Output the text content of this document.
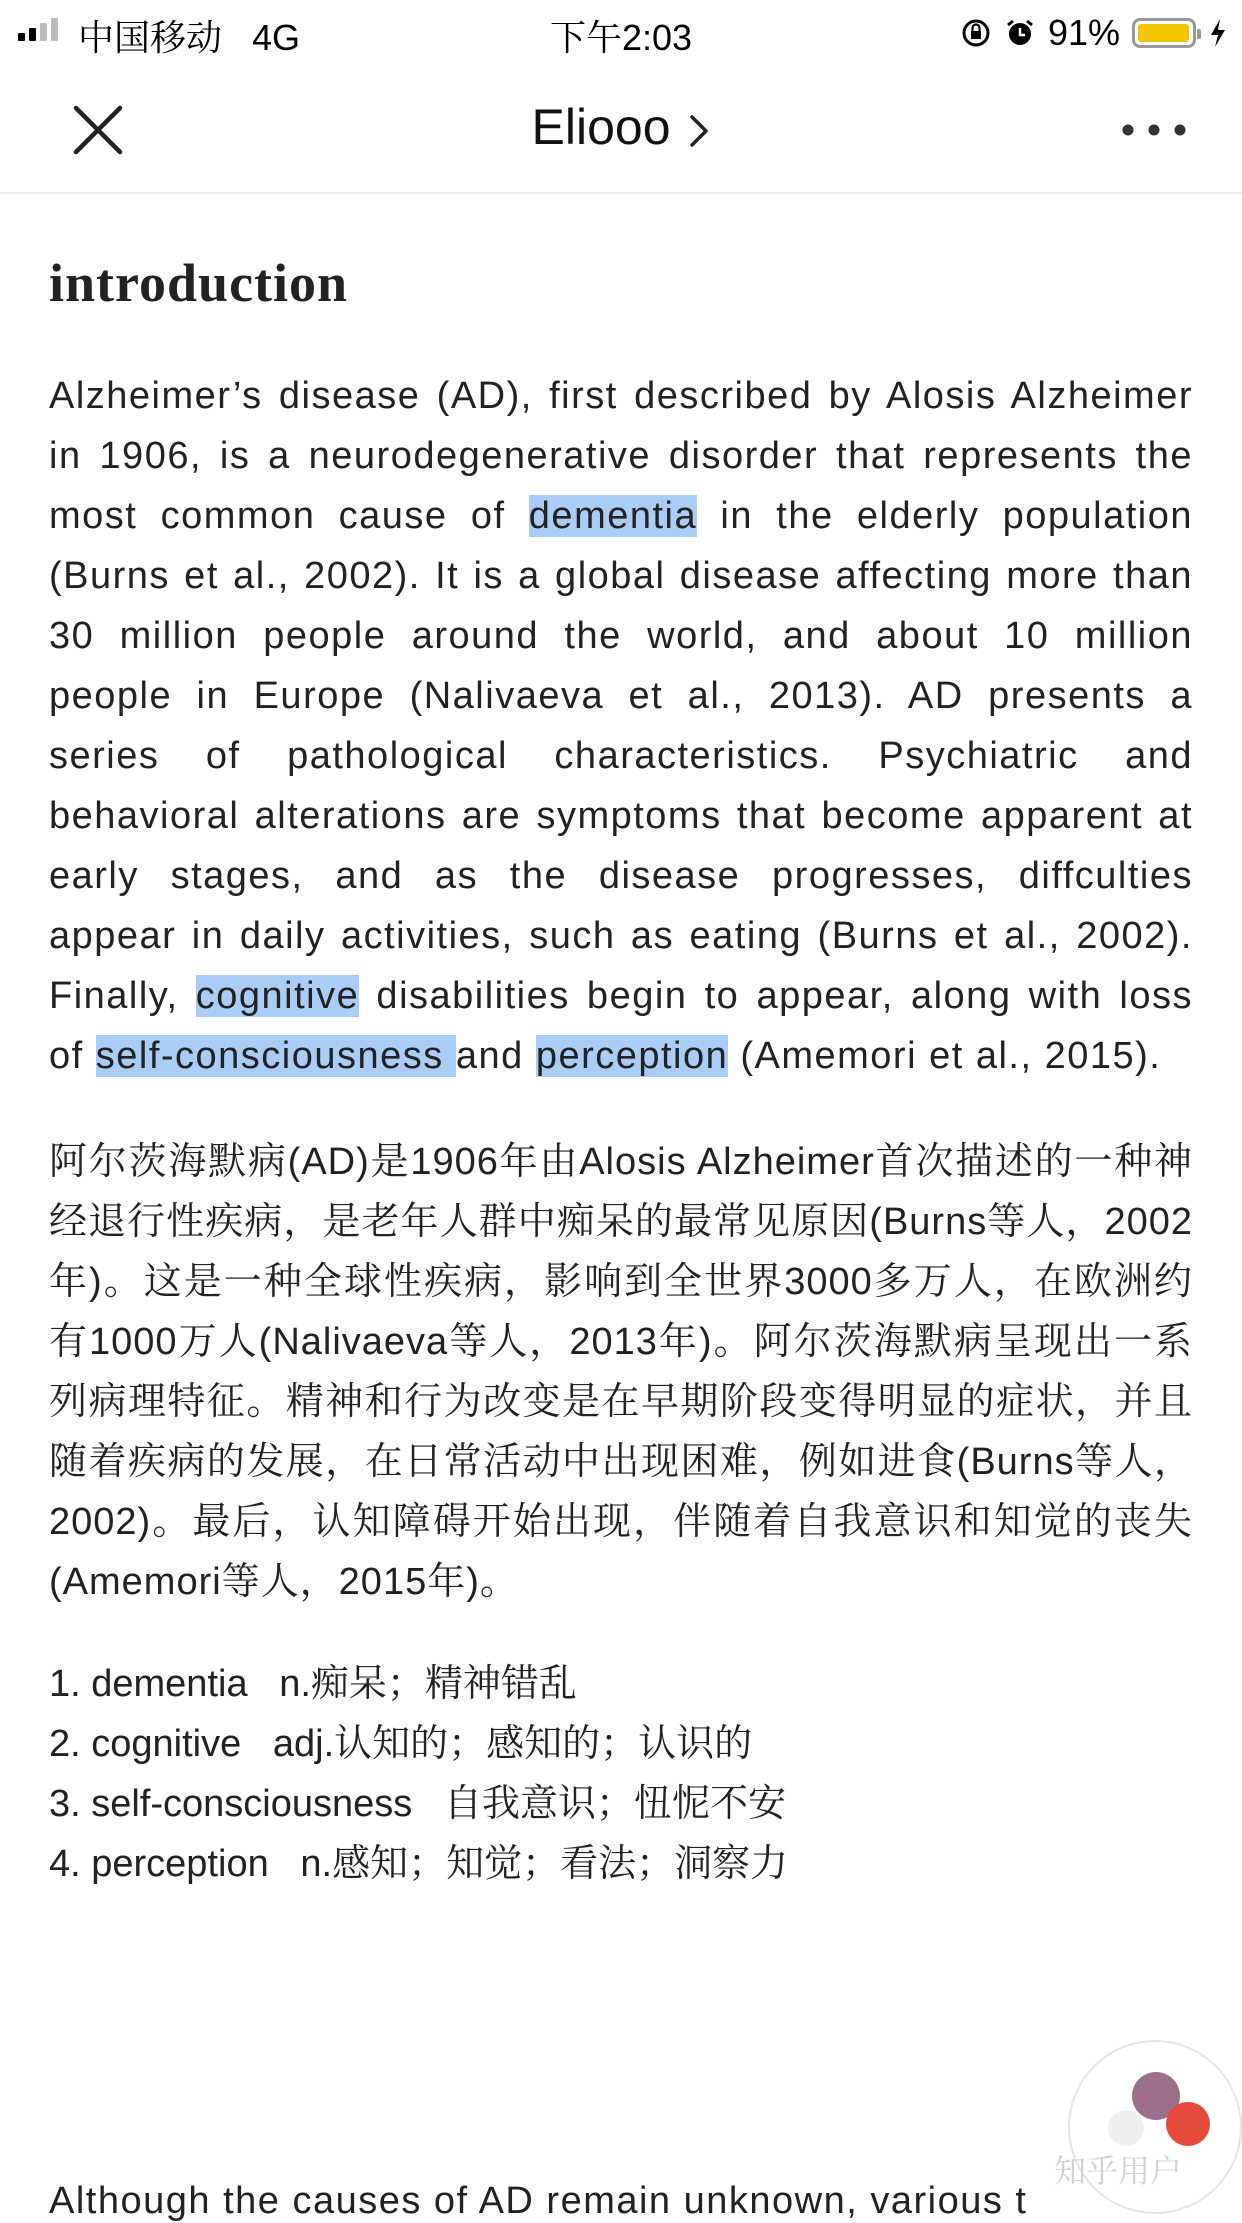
中国移动 4G	下午2:03	91%
Eliooo
introduction

Alzheimer’s disease (AD), first described by Alosis Alzheimer in 1906, is a neurodegenerative disorder that represents the most common cause of dementia in the elderly population (Burns et al., 2002). It is a global disease affecting more than 30 million people around the world, and about 10 million people in Europe (Nalivaeva et al., 2013). AD presents a series of pathological characteristics. Psychiatric and behavioral alterations are symptoms that become apparent at early stages, and as the disease progresses, diffculties appear in daily activities, such as eating (Burns et al., 2002). Finally, cognitive disabilities begin to appear, along with loss of self-consciousness and perception (Amemori et al., 2015).

阿尔茨海默病(AD)是1906年由Alosis Alzheimer首次描述的一种神经退行性疾病，是老年人群中痴呆的最常见原因(Burns等人，2002年)。这是一种全球性疾病，影响到全世界3000多万人，在欧洲约有1000万人(Nalivaeva等人，2013年)。阿尔茨海默病呈现出一系列病理特征。精神和行为改变是在早期阶段变得明显的症状，并且随着疾病的发展，在日常活动中出现困难，例如进食(Burns等人，2002)。最后，认知障碍开始出现，伴随着自我意识和知觉的丧失(Amemori等人，2015年)。

1. dementia   n.痴呆；精神错乱
2. cognitive   adj.认知的；感知的；认识的
3. self-consciousness   自我意识；忸怩不安
4. perception   n.感知；知觉；看法；洞察力
Although the causes of AD remain unknown, various t
知乎用户
